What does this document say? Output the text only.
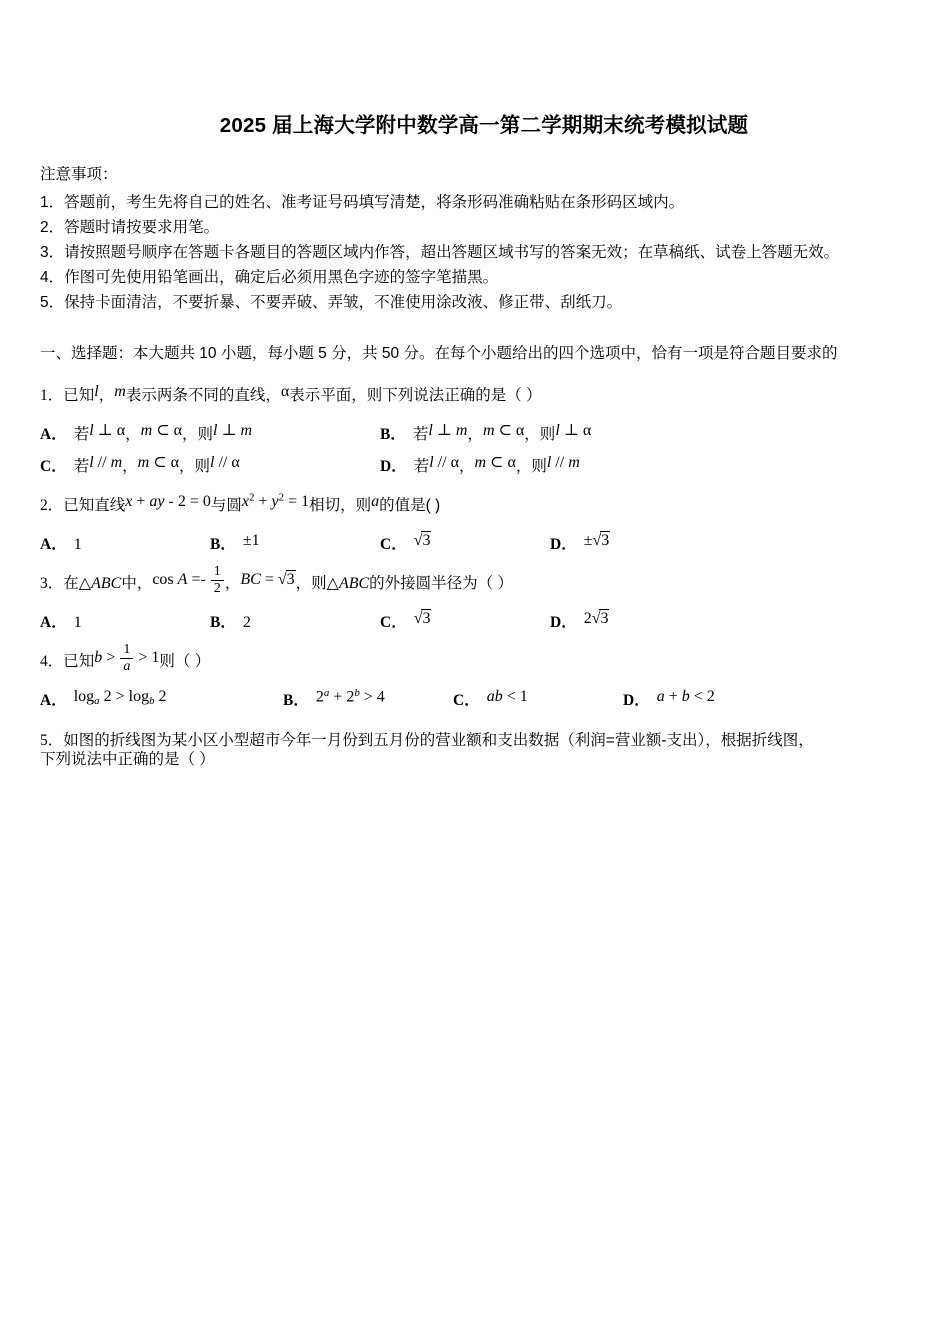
2025 届上海大学附中数学高一第二学期期末统考模拟试题
注意事项：
1．答题前，考生先将自己的姓名、准考证号码填写清楚，将条形码准确粘贴在条形码区域内。
2．答题时请按要求用笔。
3．请按照题号顺序在答题卡各题目的答题区域内作答，超出答题区域书写的答案无效；在草稿纸、试卷上答题无效。
4．作图可先使用铅笔画出，确定后必须用黑色字迹的签字笔描黑。
5．保持卡面清洁，不要折暴、不要弄破、弄皱，不准使用涂改液、修正带、刮纸刀。
一、选择题：本大题共 10 小题，每小题 5 分，共 50 分。在每个小题给出的四个选项中，恰有一项是符合题目要求的
1．已知l，m表示两条不同的直线，α表示平面，则下列说法正确的是（ ）
A． 若 l ⊥ α ， m ⊂ α ，则 l ⊥ m	B． 若 l ⊥ m ， m ⊂ α ，则 l ⊥ α
C． 若 l // m ， m ⊂ α ，则 l // α	D． 若 l // α ， m ⊂ α ，则 l // m
2．已知直线x + ay - 2 = 0与圆$x^2 + y^2 = 1$相切，则a的值是( )
A． 1	B． ±1	C． √3	D． ±√3
3．在△ABC中，$\cos A =- \frac{1}{2}$ ，BC = √3，则△ABC的外接圆半径为（ ）
A． 1	B． 2	C． √3	D． 2√3
4．已知$b > \frac{1}{a} > 1$则（ ）
A． $\log_a 2 > \log_b 2$	B． $2^a + 2^b > 4$	C． ab < 1	D． a + b < 2
5．如图的折线图为某小区小型超市今年一月份到五月份的营业额和支出数据（利润=营业额-支出），根据折线图，
下列说法中正确的是（ ）
